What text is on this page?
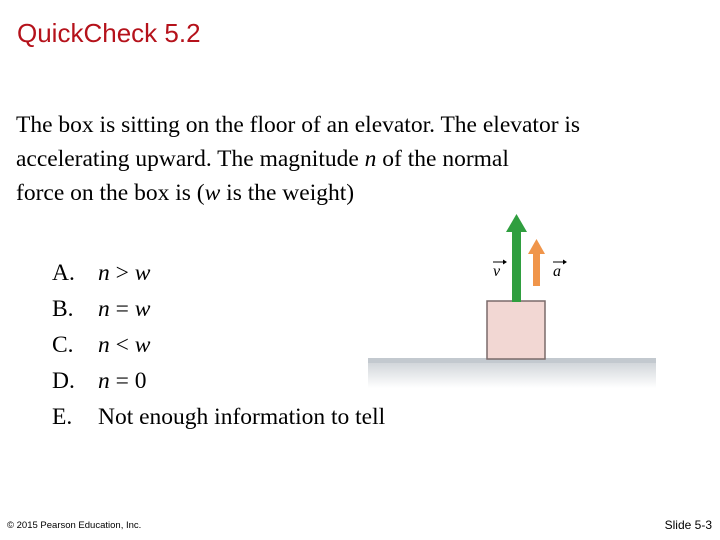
QuickCheck 5.2
The box is sitting on the floor of an elevator. The elevator is
accelerating upward. The magnitude n of the normal
force on the box is (w is the weight)
A. n > w
B.	n = w
C.	n < w
D. n = 0
E.	Not enough information to tell
v	a
© 2015 Pearson Education, Inc.	Slide 5-3
